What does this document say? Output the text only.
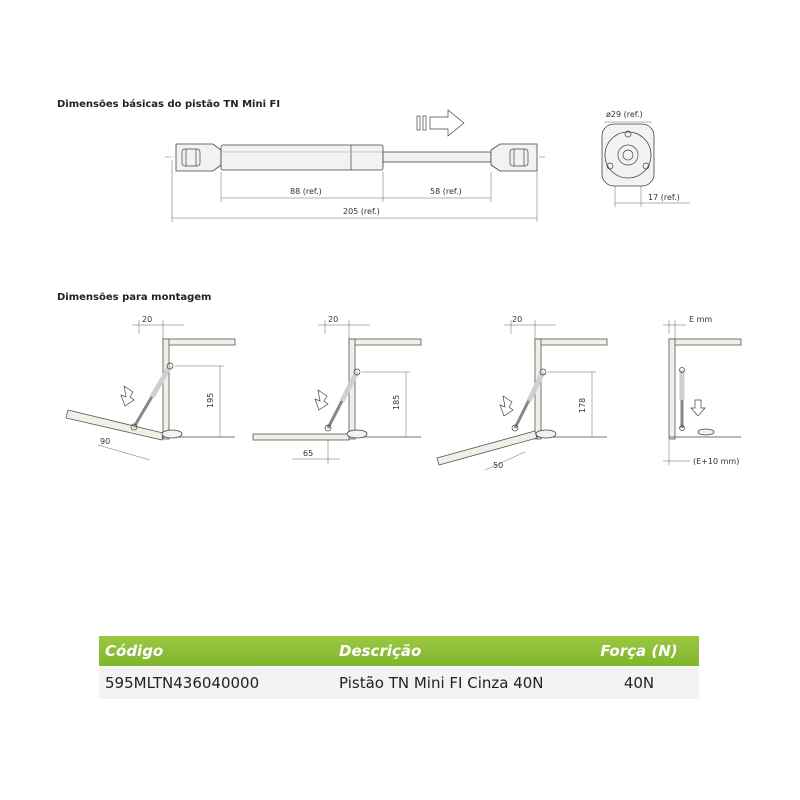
Dimensões básicas do pistão TN Mini FI
Dimensões para montagem
88 (ref.)	58 (ref.)
205 (ref.)
ø29 (ref.)
17 (ref.)
20
195
90
20
185
65
20
178
50
E mm
(E+10 mm)
Código	Descrição	Força (N)
595MLTN436040000	Pistão TN Mini FI Cinza 40N	40N
